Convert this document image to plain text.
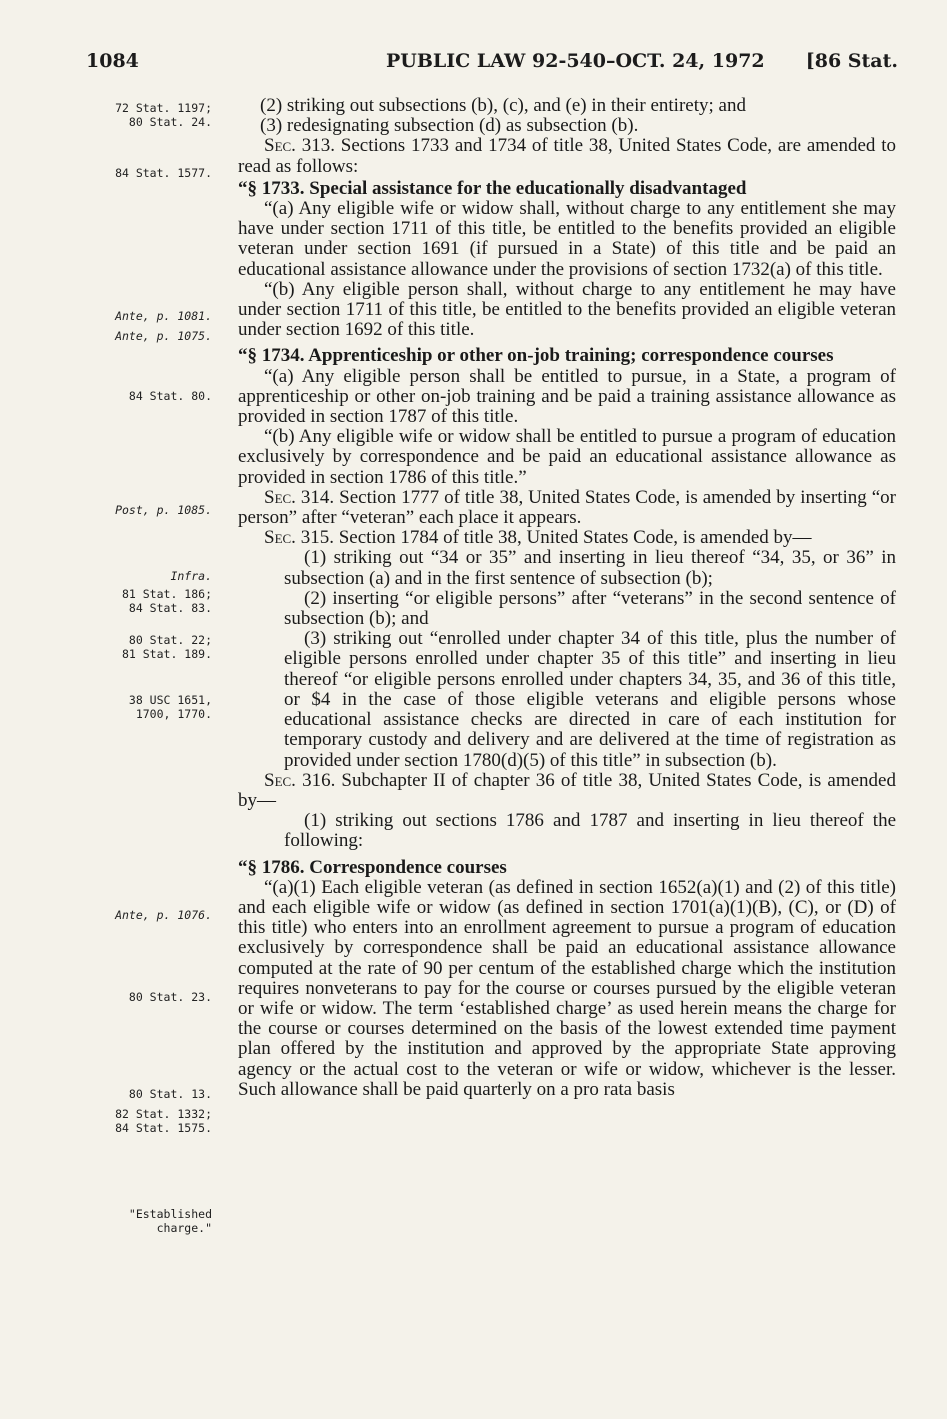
1084	PUBLIC LAW 92-540–OCT. 24, 1972 [86 Stat.
72 Stat. 1197;
80 Stat. 24.
84 Stat. 1577.
Ante, p. 1081.
Ante, p. 1075.
84 Stat. 80.
Post, p. 1085.
Infra.
81 Stat. 186;
84 Stat. 83.
80 Stat. 22;
81 Stat. 189.
38 USC 1651,
1700, 1770.
Ante, p. 1076.
80 Stat. 23.
80 Stat. 13.
82 Stat. 1332;
84 Stat. 1575.
"Established
charge."

(2) striking out subsections (b), (c), and (e) in their entirety; and

(3) redesignating subsection (d) as subsection (b).

Sec. 313. Sections 1733 and 1734 of title 38, United States Code, are amended to read as follows:

“§ 1733. Special assistance for the educationally disadvantaged

“(a) Any eligible wife or widow shall, without charge to any entitlement she may have under section 1711 of this title, be entitled to the benefits provided an eligible veteran under section 1691 (if pursued in a State) of this title and be paid an educational assistance allowance under the provisions of section 1732(a) of this title.

“(b) Any eligible person shall, without charge to any entitlement he may have under section 1711 of this title, be entitled to the benefits provided an eligible veteran under section 1692 of this title.

“§ 1734. Apprenticeship or other on-job training; correspondence courses

“(a) Any eligible person shall be entitled to pursue, in a State, a program of apprenticeship or other on-job training and be paid a training assistance allowance as provided in section 1787 of this title.

“(b) Any eligible wife or widow shall be entitled to pursue a program of education exclusively by correspondence and be paid an educational assistance allowance as provided in section 1786 of this title.”

Sec. 314. Section 1777 of title 38, United States Code, is amended by inserting “or person” after “veteran” each place it appears.

Sec. 315. Section 1784 of title 38, United States Code, is amended by—

(1) striking out “34 or 35” and inserting in lieu thereof “34, 35, or 36” in subsection (a) and in the first sentence of subsection (b);

(2) inserting “or eligible persons” after “veterans” in the second sentence of subsection (b); and

(3) striking out “enrolled under chapter 34 of this title, plus the number of eligible persons enrolled under chapter 35 of this title” and inserting in lieu thereof “or eligible persons enrolled under chapters 34, 35, and 36 of this title, or $4 in the case of those eligible veterans and eligible persons whose educational assistance checks are directed in care of each institution for temporary custody and delivery and are delivered at the time of registration as provided under section 1780(d)(5) of this title” in subsection (b).

Sec. 316. Subchapter II of chapter 36 of title 38, United States Code, is amended by—

(1) striking out sections 1786 and 1787 and inserting in lieu thereof the following:

“§ 1786. Correspondence courses

“(a)(1) Each eligible veteran (as defined in section 1652(a)(1) and (2) of this title) and each eligible wife or widow (as defined in section 1701(a)(1)(B), (C), or (D) of this title) who enters into an enrollment agreement to pursue a program of education exclusively by correspondence shall be paid an educational assistance allowance computed at the rate of 90 per centum of the established charge which the institution requires nonveterans to pay for the course or courses pursued by the eligible veteran or wife or widow. The term ‘established charge’ as used herein means the charge for the course or courses determined on the basis of the lowest extended time payment plan offered by the institution and approved by the appropriate State approving agency or the actual cost to the veteran or wife or widow, whichever is the lesser. Such allowance shall be paid quarterly on a pro rata basis
